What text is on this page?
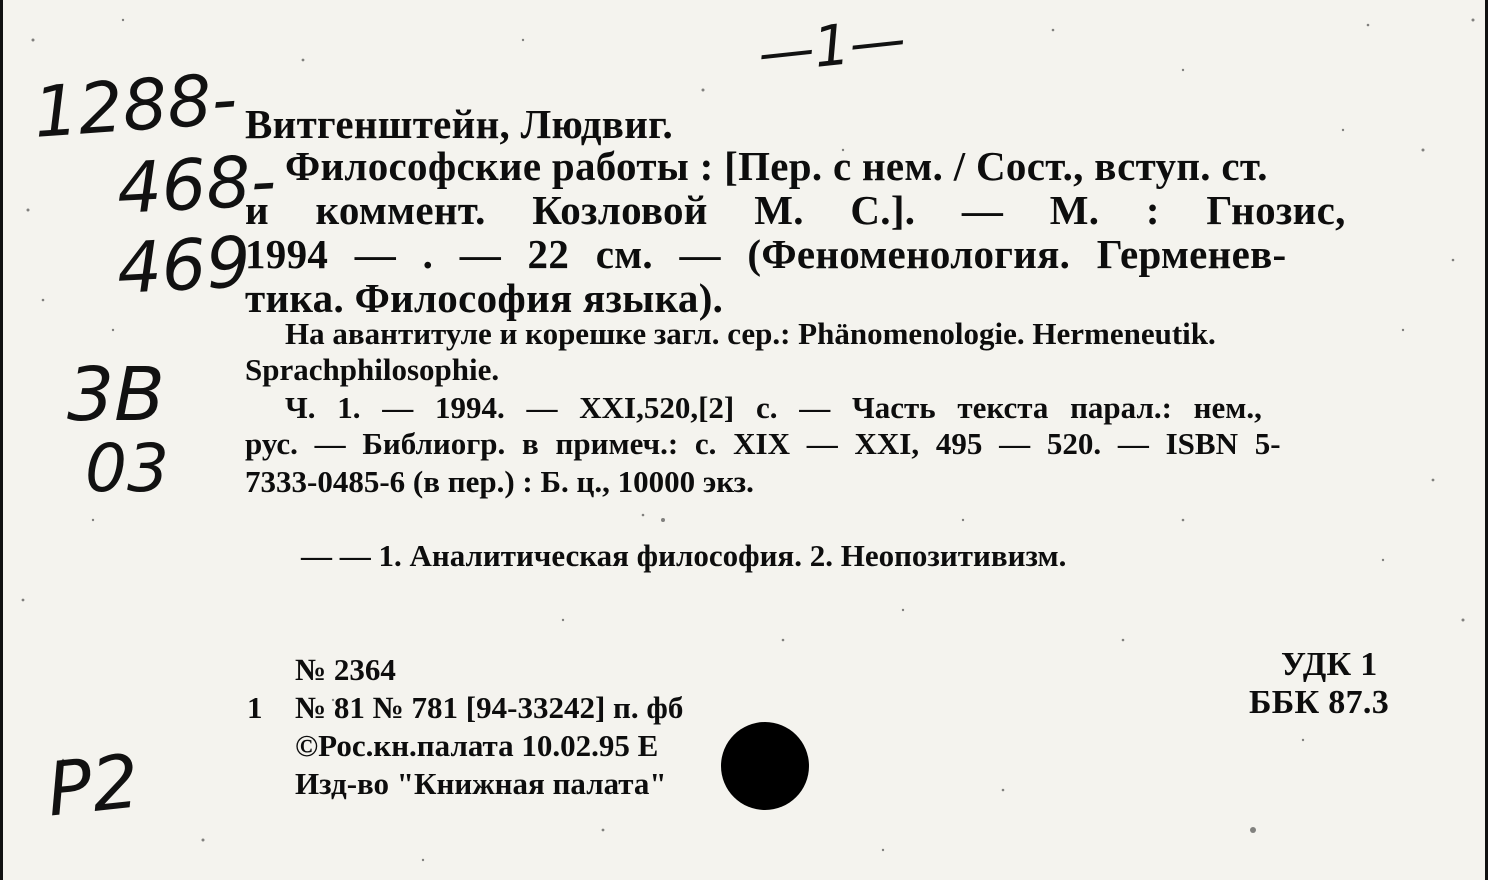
1288-
468-
469
3В
03
Р2
—1—
Витгенштейн, Людвиг.
Философские работы : [Пер. с нем. / Сост., вступ. ст.
и коммент. Козловой М. С.]. — М. : Гнозис,
1994 — . — 22 см. — (Феноменология. Герменев-
тика. Философия языка).
На авантитуле и корешке загл. сер.: Phänomenologie. Hermeneutik.
Sprachphilosophie.
Ч. 1. — 1994. — XXI,520,[2] с. — Часть текста парал.: нем.,
рус. — Библиогр. в примеч.: с. XIX — XXI, 495 — 520. — ISBN 5-
7333-0485-6 (в пер.) : Б. ц., 10000 экз.
— — 1. Аналитическая философия. 2. Неопозитивизм.
№ 2364
1 № 81 № 781 [94-33242] п. фб
©Рос.кн.палата 10.02.95 Е
Изд-во "Книжная палата"
УДК 1
ББК 87.3
